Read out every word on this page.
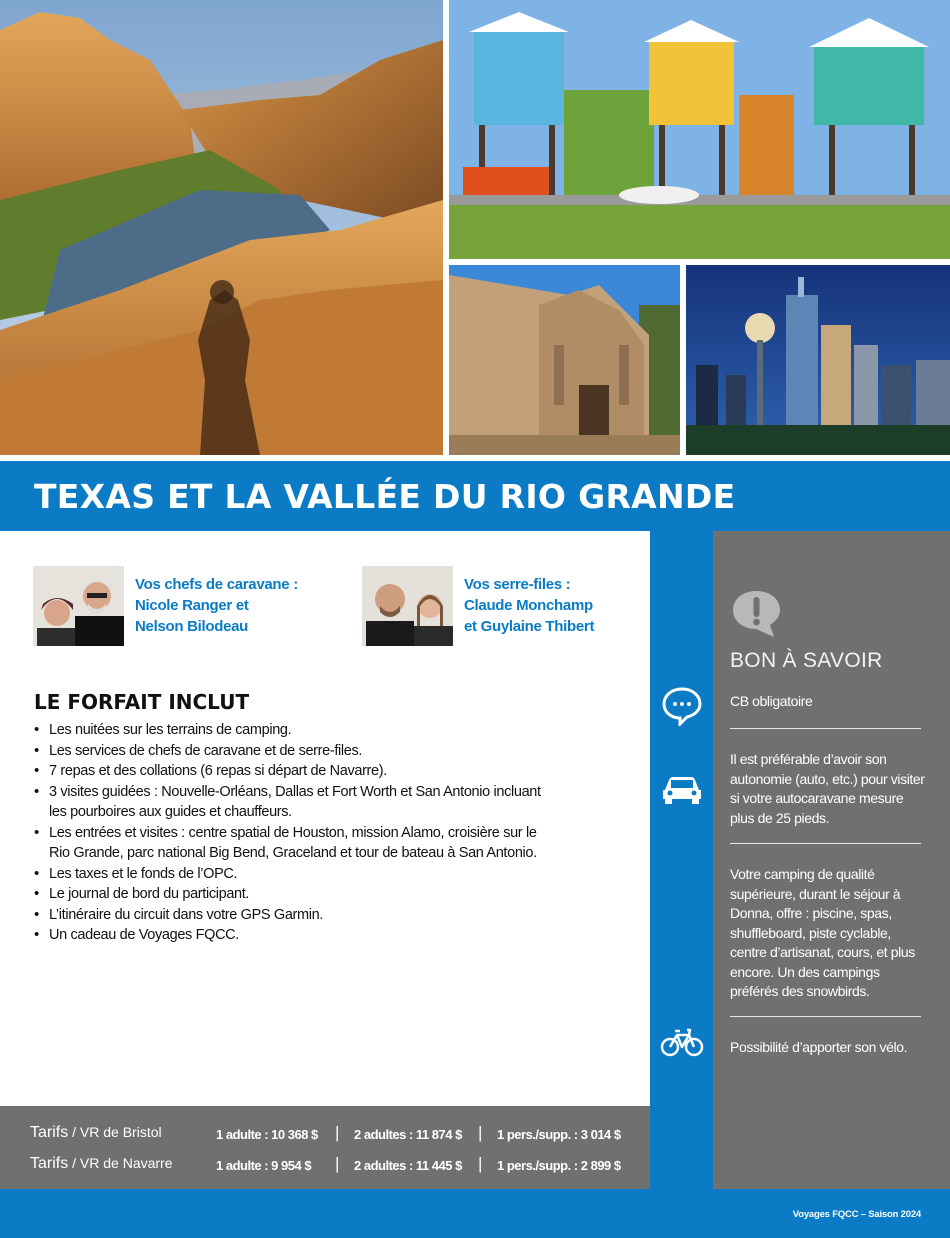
TEXAS ET LA VALLÉE DU RIO GRANDE
Vos chefs de caravane :
Nicole Ranger et
Nelson Bilodeau
Vos serre-files :
Claude Monchamp
et Guylaine Thibert
LE FORFAIT INCLUT
• Les nuitées sur les terrains de camping.
• Les services de chefs de caravane et de serre-files.
• 7 repas et des collations (6 repas si départ de Navarre).
• 3 visites guidées : Nouvelle-Orléans, Dallas et Fort Worth et San Antonio incluant les pourboires aux guides et chauffeurs.
• Les entrées et visites : centre spatial de Houston, mission Alamo, croisière sur le Rio Grande, parc national Big Bend, Graceland et tour de bateau à San Antonio.
• Les taxes et le fonds de l’OPC.
• Le journal de bord du participant.
• L’itinéraire du circuit dans votre GPS Garmin.
• Un cadeau de Voyages FQCC.
Tarifs / VR de Bristol	1 adulte : 10 368 $ | 2 adultes : 11 874 $ | 1 pers./supp. : 3 014 $
Tarifs / VR de Navarre	1 adulte : 9 954 $ | 2 adultes : 11 445 $ | 1 pers./supp. : 2 899 $
BON À SAVOIR
CB obligatoire
Il est préférable d’avoir son autonomie (auto, etc.) pour visiter si votre autocaravane mesure plus de 25 pieds.
Votre camping de qualité supérieure, durant le séjour à Donna, offre : piscine, spas, shuffleboard, piste cyclable, centre d’artisanat, cours, et plus encore. Un des campings préférés des snowbirds.
Possibilité d’apporter son vélo.
Voyages FQCC – Saison 2024
